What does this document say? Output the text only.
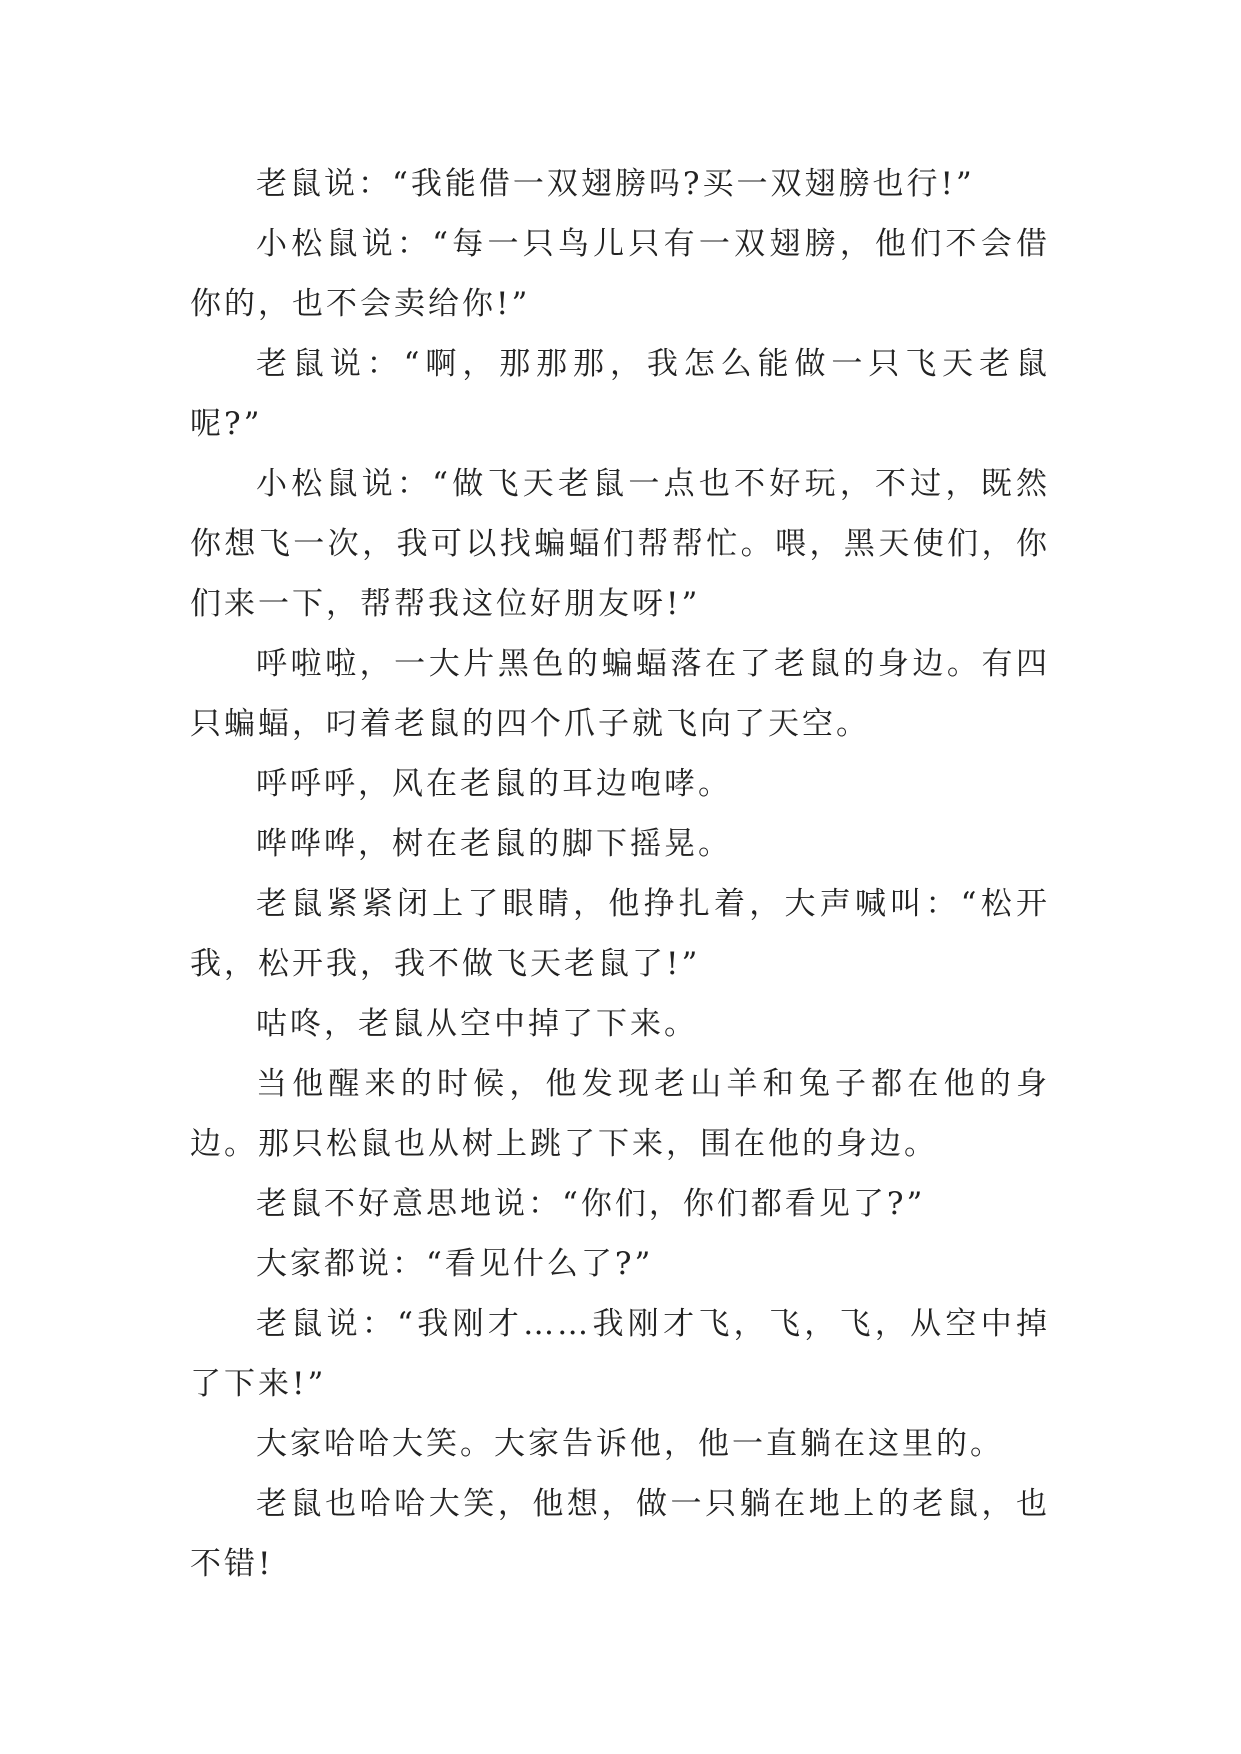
老鼠说：“我能借一双翅膀吗?买一双翅膀也行!”

小松鼠说：“每一只鸟儿只有一双翅膀，他们不会借你的，也不会卖给你!”

老鼠说：“啊，那那那，我怎么能做一只飞天老鼠呢?”

小松鼠说：“做飞天老鼠一点也不好玩，不过，既然你想飞一次，我可以找蝙蝠们帮帮忙。喂，黑天使们，你们来一下，帮帮我这位好朋友呀!”

呼啦啦，一大片黑色的蝙蝠落在了老鼠的身边。有四只蝙蝠，叼着老鼠的四个爪子就飞向了天空。

呼呼呼，风在老鼠的耳边咆哮。

哗哗哗，树在老鼠的脚下摇晃。

老鼠紧紧闭上了眼睛，他挣扎着，大声喊叫：“松开我，松开我，我不做飞天老鼠了!”

咕咚，老鼠从空中掉了下来。

当他醒来的时候，他发现老山羊和兔子都在他的身边。那只松鼠也从树上跳了下来，围在他的身边。

老鼠不好意思地说：“你们，你们都看见了?”

大家都说：“看见什么了?”

老鼠说：“我刚才……我刚才飞，飞，飞，从空中掉了下来!”

大家哈哈大笑。大家告诉他，他一直躺在这里的。

老鼠也哈哈大笑，他想，做一只躺在地上的老鼠，也不错!
